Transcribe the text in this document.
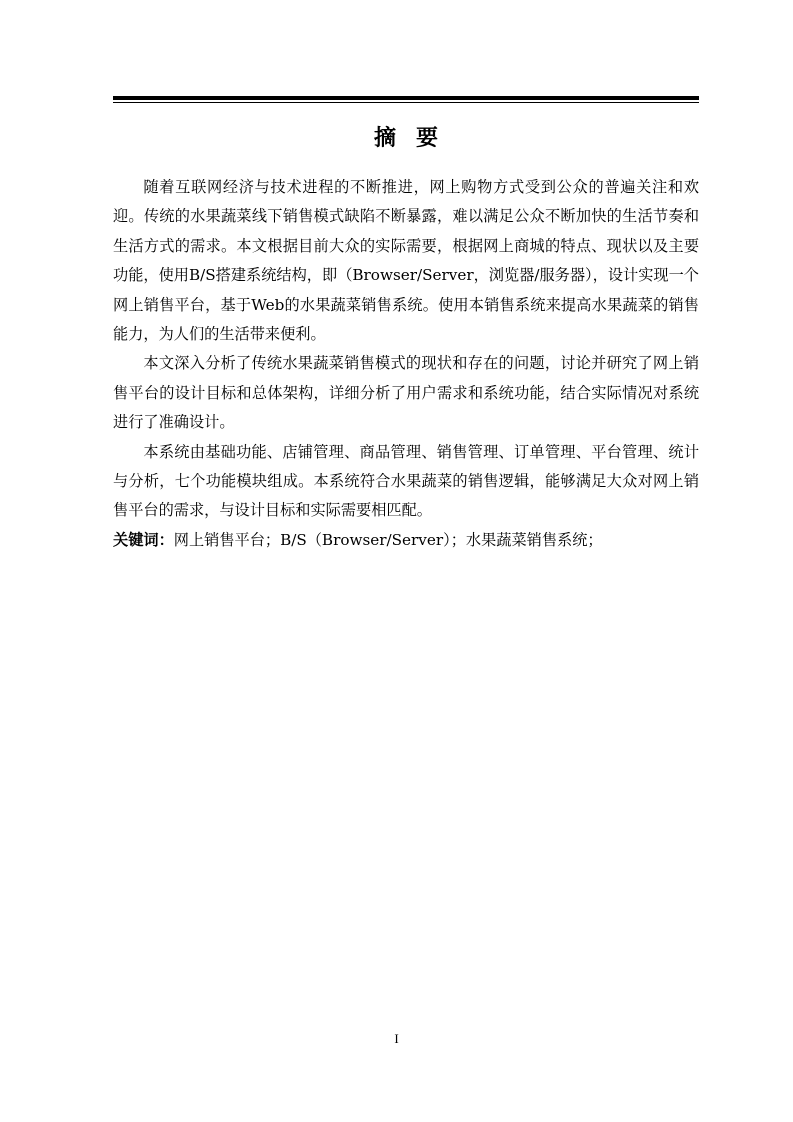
摘要

随着互联网经济与技术进程的不断推进，网上购物方式受到公众的普遍关注和欢迎。传统的水果蔬菜线下销售模式缺陷不断暴露，难以满足公众不断加快的生活节奏和生活方式的需求。本文根据目前大众的实际需要，根据网上商城的特点、现状以及主要功能，使用B/S搭建系统结构，即（Browser/Server，浏览器/服务器），设计实现一个网上销售平台，基于Web的水果蔬菜销售系统。使用本销售系统来提高水果蔬菜的销售能力，为人们的生活带来便利。

本文深入分析了传统水果蔬菜销售模式的现状和存在的问题，讨论并研究了网上销售平台的设计目标和总体架构，详细分析了用户需求和系统功能，结合实际情况对系统进行了准确设计。

本系统由基础功能、店铺管理、商品管理、销售管理、订单管理、平台管理、统计与分析，七个功能模块组成。本系统符合水果蔬菜的销售逻辑，能够满足大众对网上销售平台的需求，与设计目标和实际需要相匹配。

关键词：网上销售平台；B/S（Browser/Server）；水果蔬菜销售系统；

I
